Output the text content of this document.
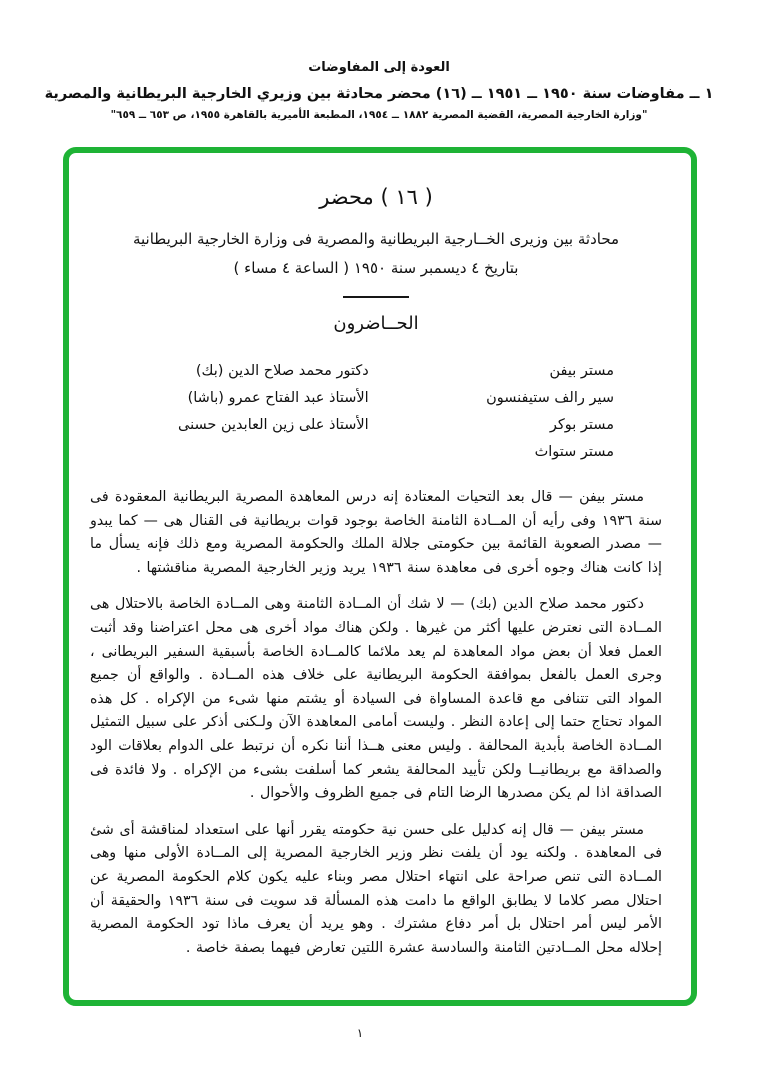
العودة إلى المفاوضات
١ ــ مفاوضات سنة ١٩٥٠ ــ ١٩٥١ ــ (١٦) محضر محادثة بين وزيري الخارجية البريطانية والمصرية
"وزارة الخارجية المصرية، القضية المصرية ١٨٨٢ ــ ١٩٥٤، المطبعة الأميرية بالقاهرة ١٩٥٥، ص ٦٥٣ ــ ٦٥٩"
( ١٦ ) محضر
محادثة بين وزيرى الخــارجية البريطانية والمصرية فى وزارة الخارجية البريطانية
بتاريخ ٤ ديسمبر سنة ١٩٥٠ ( الساعة ٤ مساء )
الحــاضرون
مستر بيفن
سير رالف ستيفنسون
مستر بوكر
مستر ستواث
دكتور محمد صلاح الدين (بك)
الأستاذ عبد الفتاح عمرو (باشا)
الأستاذ على زين العابدين حسنى

مستر بيفن — قال بعد التحيات المعتادة إنه درس المعاهدة المصرية البريطانية المعقودة فى سنة ١٩٣٦ وفى رأيه أن المــادة الثامنة الخاصة بوجود قوات بريطانية فى القنال هى — كما يبدو — مصدر الصعوبة القائمة بين حكومتى جلالة الملك والحكومة المصرية ومع ذلك فإنه يسأل ما إذا كانت هناك وجوه أخرى فى معاهدة سنة ١٩٣٦ يريد وزير الخارجية المصرية مناقشتها .

دكتور محمد صلاح الدين (بك) — لا شك أن المــادة الثامنة وهى المــادة الخاصة بالاحتلال هى المــادة التى نعترض عليها أكثر من غيرها . ولكن هناك مواد أخرى هى محل اعتراضنا وقد أثبت العمل فعلا أن بعض مواد المعاهدة لم يعد ملائما كالمــادة الخاصة بأسبقية السفير البريطانى ، وجرى العمل بالفعل بموافقة الحكومة البريطانية على خلاف هذه المــادة . والواقع أن جميع المواد التى تتنافى مع قاعدة المساواة فى السيادة أو يشتم منها شىء من الإكراه . كل هذه المواد تحتاج حتما إلى إعادة النظر . وليست أمامى المعاهدة الآن ولـكنى أذكر على سبيل التمثيل المــادة الخاصة بأبدية المحالفة . وليس معنى هــذا أننا نكره أن نرتبط على الدوام بعلاقات الود والصداقة مع بريطانيــا ولكن تأييد المحالفة يشعر كما أسلفت بشىء من الإكراه . ولا فائدة فى الصداقة اذا لم يكن مصدرها الرضا التام فى جميع الظروف والأحوال .

مستر بيفن — قال إنه كدليل على حسن نية حكومته يقرر أنها على استعداد لمناقشة أى شئ فى المعاهدة . ولكنه يود أن يلفت نظر وزير الخارجية المصرية إلى المــادة الأولى منها وهى المــادة التى تنص صراحة على انتهاء احتلال مصر وبناء عليه يكون كلام الحكومة المصرية عن احتلال مصر كلاما لا يطابق الواقع ما دامت هذه المسألة قد سويت فى سنة ١٩٣٦ والحقيقة أن الأمر ليس أمر احتلال بل أمر دفاع مشترك . وهو يريد أن يعرف ماذا تود الحكومة المصرية إحلاله محل المــادتين الثامنة والسادسة عشرة اللتين تعارض فيهما بصفة خاصة .

١
